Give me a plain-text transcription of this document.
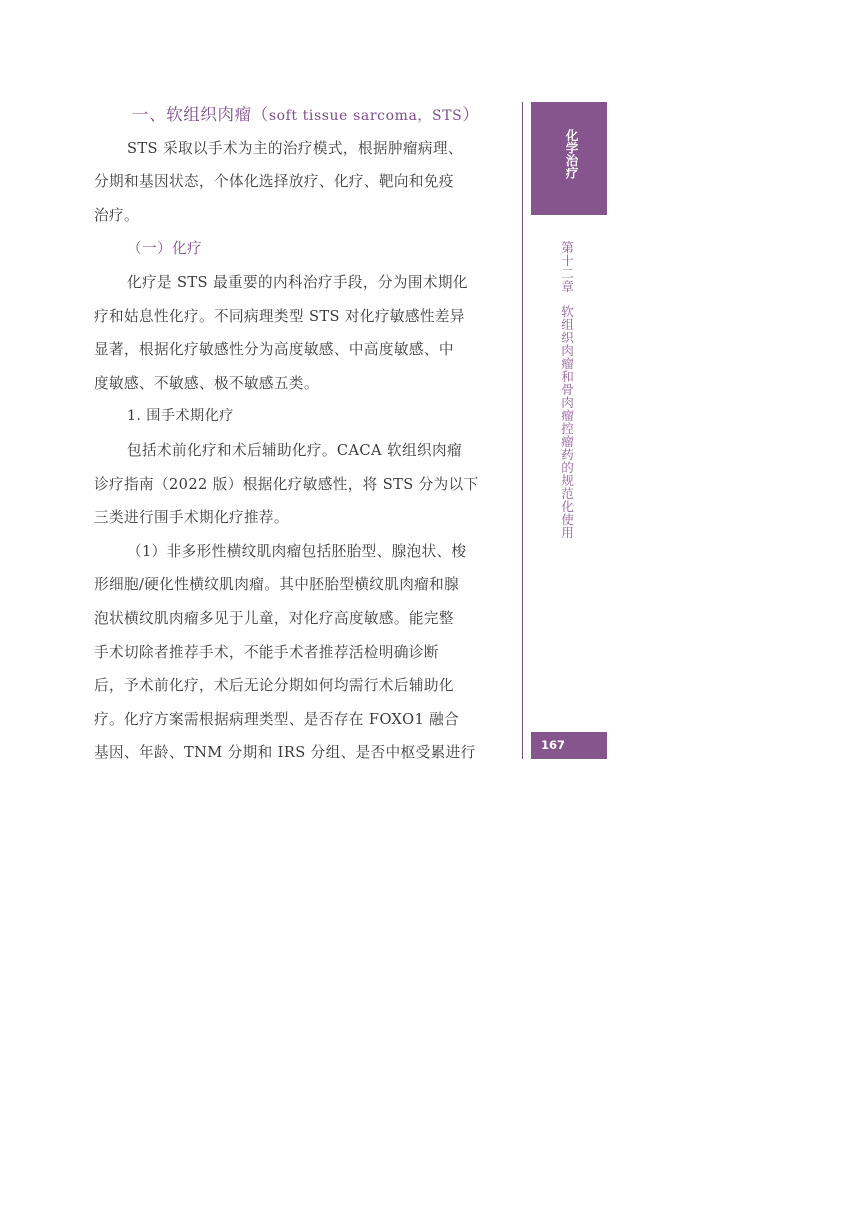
一、软组织肉瘤（soft tissue sarcoma，STS）
STS 采取以手术为主的治疗模式，根据肿瘤病理、
分期和基因状态，个体化选择放疗、化疗、靶向和免疫
治疗。
（一）化疗
化疗是 STS 最重要的内科治疗手段，分为围术期化
疗和姑息性化疗。不同病理类型 STS 对化疗敏感性差异
显著，根据化疗敏感性分为高度敏感、中高度敏感、中
度敏感、不敏感、极不敏感五类。
1. 围手术期化疗
包括术前化疗和术后辅助化疗。CACA 软组织肉瘤
诊疗指南（2022 版）根据化疗敏感性，将 STS 分为以下
三类进行围手术期化疗推荐。
（1）非多形性横纹肌肉瘤包括胚胎型、腺泡状、梭
形细胞/硬化性横纹肌肉瘤。其中胚胎型横纹肌肉瘤和腺
泡状横纹肌肉瘤多见于儿童，对化疗高度敏感。能完整
手术切除者推荐手术，不能手术者推荐活检明确诊断
后，予术前化疗，术后无论分期如何均需行术后辅助化
疗。化疗方案需根据病理类型、是否存在 FOXO1 融合
基因、年龄、TNM 分期和 IRS 分组、是否中枢受累进行
化学治疗
第十二章软组织肉瘤和骨肉瘤控瘤药的规范化使用
167
